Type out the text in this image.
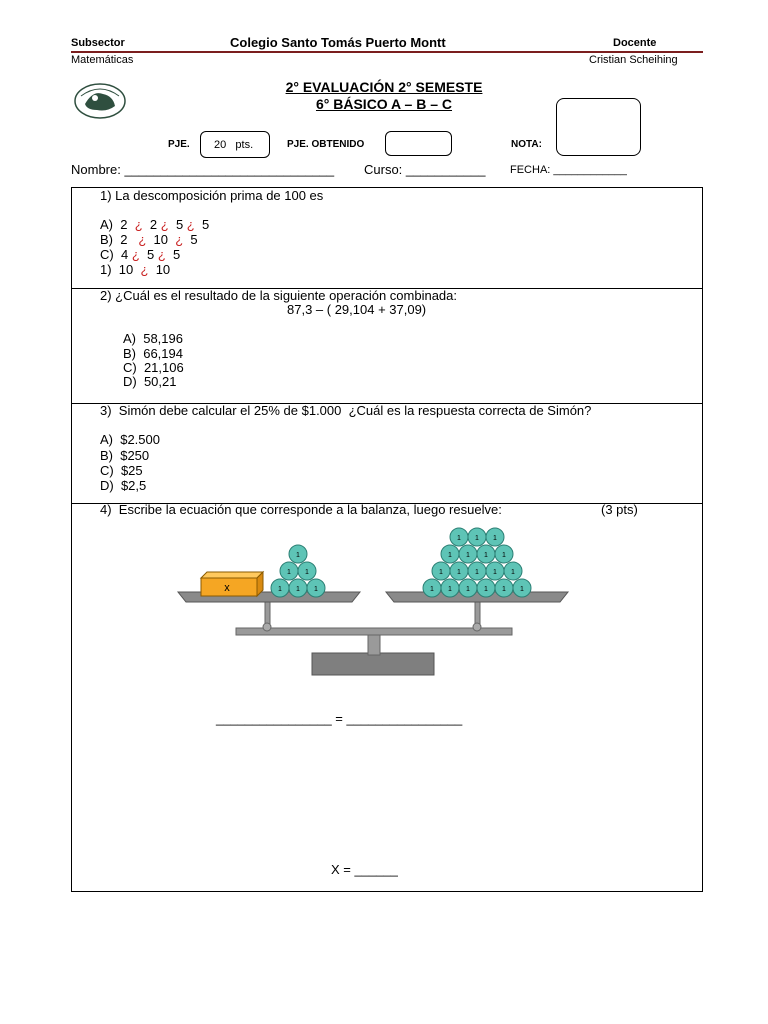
Subsector	Colegio Santo Tomás Puerto Montt	Docente
Matemáticas	Cristian Scheihing
2° EVALUACIÓN 2° SEMESTE
6° BÁSICO A – B – C
PJE. 20   pts.	PJE. OBTENIDO	NOTA:
Nombre: _____________________________ Curso: ___________ FECHA: ____________
1) La descomposición prima de 100 es
A) 2 ¿ 2 ¿ 5 ¿ 5
B) 2 ¿ 10 ¿ 5
C) 4 ¿ 5 ¿ 5
1) 10 ¿ 10
2) ¿Cuál es el resultado de la siguiente operación combinada:
87,3 – ( 29,104 + 37,09)
A)  58,196
B)  66,194
C)  21,106
D)  50,21
3)  Simón debe calcular el 25% de $1.000  ¿Cuál es la respuesta correcta de Simón?
A)  $2.500
B)  $250
C)  $25
D)  $2,5
4)  Escribe la ecuación que corresponde a la balanza, luego resuelve:	(3 pts)
x	1 1 1
1 1
1
1 1 1 1 1 1
1 1 1 1 1
1 1 1 1
1 1 1
________________ = ________________
X = ______
